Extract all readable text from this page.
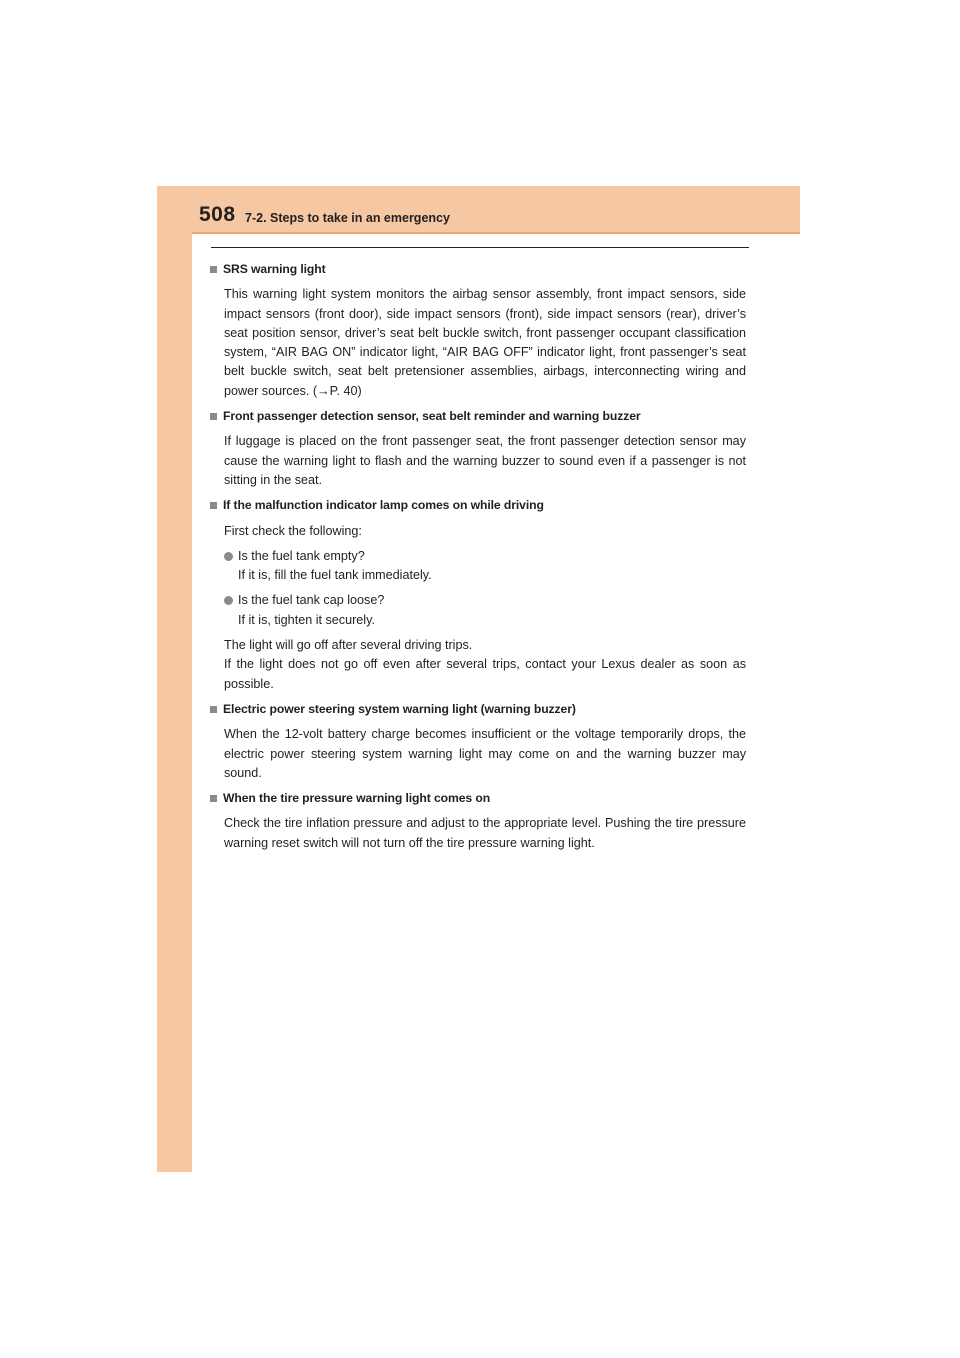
508 7-2. Steps to take in an emergency
SRS warning light

This warning light system monitors the airbag sensor assembly, front impact sensors, side impact sensors (front door), side impact sensors (front), side impact sensors (rear), driver’s seat position sensor, driver’s seat belt buckle switch, front passenger occupant classification system, “AIR BAG ON” indicator light, “AIR BAG OFF” indicator light, front passenger’s seat belt buckle switch, seat belt pretensioner assemblies, airbags, interconnecting wiring and power sources. (→P. 40)

Front passenger detection sensor, seat belt reminder and warning buzzer

If luggage is placed on the front passenger seat, the front passenger detection sensor may cause the warning light to flash and the warning buzzer to sound even if a passenger is not sitting in the seat.

If the malfunction indicator lamp comes on while driving

First check the following:

Is the fuel tank empty?
If it is, fill the fuel tank immediately.
Is the fuel tank cap loose?
If it is, tighten it securely.

The light will go off after several driving trips.
If the light does not go off even after several trips, contact your Lexus dealer as soon as possible.

Electric power steering system warning light (warning buzzer)

When the 12-volt battery charge becomes insufficient or the voltage temporarily drops, the electric power steering system warning light may come on and the warning buzzer may sound.

When the tire pressure warning light comes on

Check the tire inflation pressure and adjust to the appropriate level. Pushing the tire pressure warning reset switch will not turn off the tire pressure warning light.
